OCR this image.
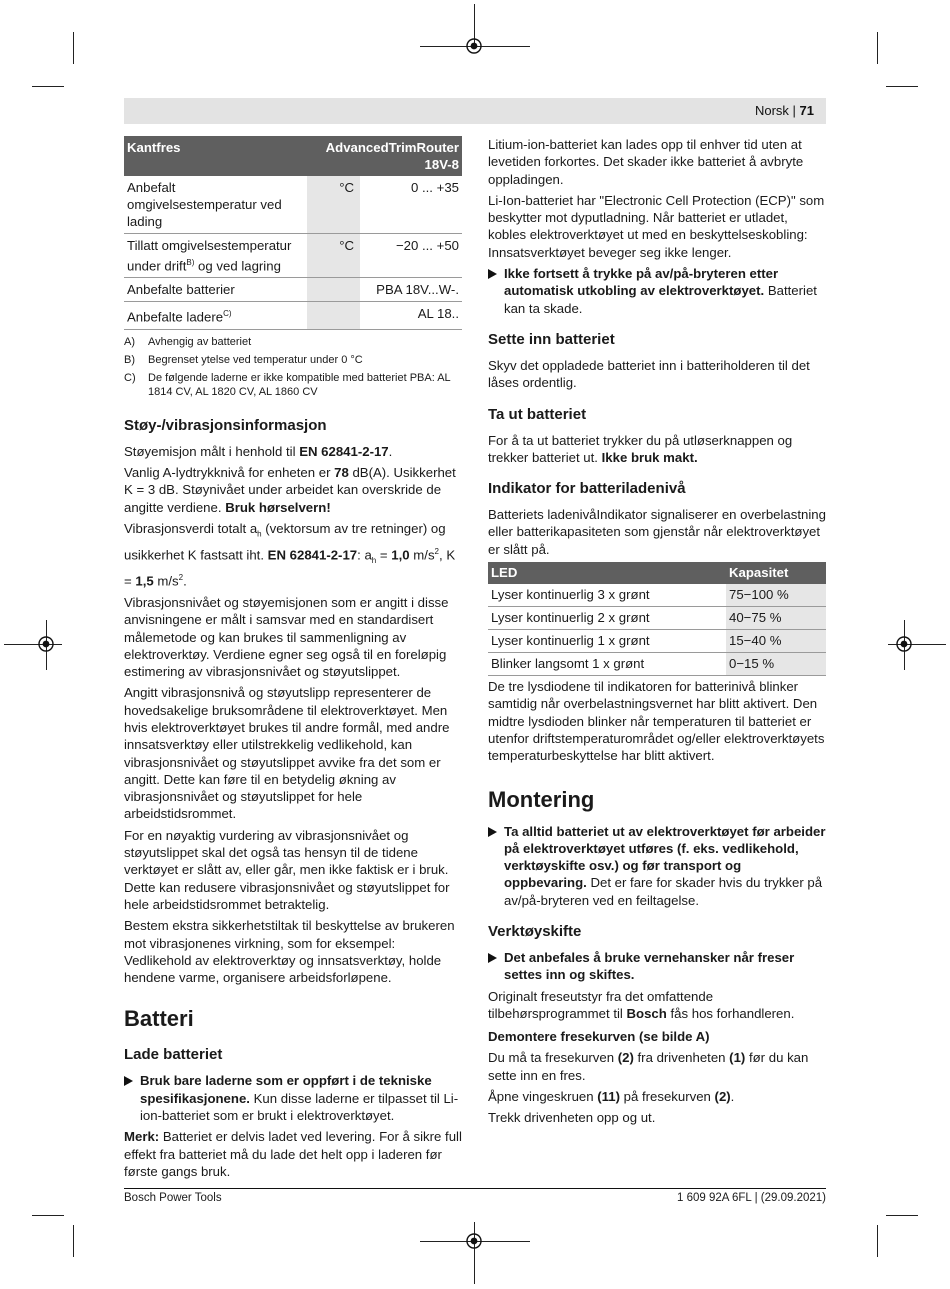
Norsk | 71
Kantfres	AdvancedTrimRouter 18V-8	
Anbefalt omgivelsestemperatur ved lading	°C	0 ... +35
Tillatt omgivelsestemperatur under drift$^{B)}$ og ved lagring	°C	−20 ... +50
Anbefalte batterier		PBA 18V...W-.
Anbefalte ladere$^{C)}$		AL 18..
A)	Avhengig av batteriet
B)	Begrenset ytelse ved temperatur under 0 °C
C)	De følgende laderne er ikke kompatible med batteriet PBA: AL 1814 CV, AL 1820 CV, AL 1860 CV
Støy-/vibrasjonsinformasjon

Støyemisjon målt i henhold til EN 62841-2-17.

Vanlig A-lydtrykknivå for enheten er 78 dB(A). Usikkerhet K = 3 dB. Støynivået under arbeidet kan overskride de angitte verdiene. Bruk hørselvern!

Vibrasjonsverdi totalt $a_h$ (vektorsum av tre retninger) og usikkerhet K fastsatt iht. EN 62841-2-17: $a_h = 1,0$ $m/s^2$, K = 1,5 $m/s^2$.

Vibrasjonsnivået og støyemisjonen som er angitt i disse anvisningene er målt i samsvar med en standardisert målemetode og kan brukes til sammenligning av elektroverktøy. Verdiene egner seg også til en foreløpig estimering av vibrasjonsnivået og støyutslippet.

Angitt vibrasjonsnivå og støyutslipp representerer de hovedsakelige bruksområdene til elektroverktøyet. Men hvis elektroverktøyet brukes til andre formål, med andre innsatsverktøy eller utilstrekkelig vedlikehold, kan vibrasjonsnivået og støyutslippet avvike fra det som er angitt. Dette kan føre til en betydelig økning av vibrasjonsnivået og støyutslippet for hele arbeidstidsrommet.

For en nøyaktig vurdering av vibrasjonsnivået og støyutslippet skal det også tas hensyn til de tidene verktøyet er slått av, eller går, men ikke faktisk er i bruk. Dette kan redusere vibrasjonsnivået og støyutslippet for hele arbeidstidsrommet betraktelig.

Bestem ekstra sikkerhetstiltak til beskyttelse av brukeren mot vibrasjonenes virkning, som for eksempel: Vedlikehold av elektroverktøy og innsatsverktøy, holde hendene varme, organisere arbeidsforløpene.

Batteri
Lade batteriet
Bruk bare laderne som er oppført i de tekniske spesifikasjonene. Kun disse laderne er tilpasset til Li-ion-batteriet som er brukt i elektroverktøyet.

Merk: Batteriet er delvis ladet ved levering. For å sikre full effekt fra batteriet må du lade det helt opp i laderen før første gangs bruk.

Litium-ion-batteriet kan lades opp til enhver tid uten at levetiden forkortes. Det skader ikke batteriet å avbryte oppladingen.

Li-Ion-batteriet har "Electronic Cell Protection (ECP)" som beskytter mot dyputladning. Når batteriet er utladet, kobles elektroverktøyet ut med en beskyttelseskobling: Innsatsverktøyet beveger seg ikke lenger.

Ikke fortsett å trykke på av/på-bryteren etter automatisk utkobling av elektroverktøyet. Batteriet kan ta skade.
Sette inn batteriet

Skyv det oppladede batteriet inn i batteriholderen til det låses ordentlig.

Ta ut batteriet

For å ta ut batteriet trykker du på utløserknappen og trekker batteriet ut. Ikke bruk makt.

Indikator for batteriladenivå

Batteriets ladenivåIndikator signaliserer en overbelastning eller batterikapasiteten som gjenstår når elektroverktøyet er slått på.

LED	Kapasitet
Lyser kontinuerlig 3 x grønt	75−100 %
Lyser kontinuerlig 2 x grønt	40−75 %
Lyser kontinuerlig 1 x grønt	15−40 %
Blinker langsomt 1 x grønt	0−15 %

De tre lysdiodene til indikatoren for batterinivå blinker samtidig når overbelastningsvernet har blitt aktivert. Den midtre lysdioden blinker når temperaturen til batteriet er utenfor driftstemperaturområdet og/eller elektroverktøyets temperaturbeskyttelse har blitt aktivert.

Montering
Ta alltid batteriet ut av elektroverktøyet før arbeider på elektroverktøyet utføres (f. eks. vedlikehold, verktøyskifte osv.) og før transport og oppbevaring. Det er fare for skader hvis du trykker på av/på-bryteren ved en feiltagelse.
Verktøyskifte
Det anbefales å bruke vernehansker når freser settes inn og skiftes.

Originalt freseutstyr fra det omfattende tilbehørsprogrammet til Bosch fås hos forhandleren.

Demontere fresekurven (se bilde A)

Du må ta fresekurven (2) fra drivenheten (1) før du kan sette inn en fres.

Åpne vingeskruen (11) på fresekurven (2).

Trekk drivenheten opp og ut.

Bosch Power Tools	1 609 92A 6FL | (29.09.2021)
